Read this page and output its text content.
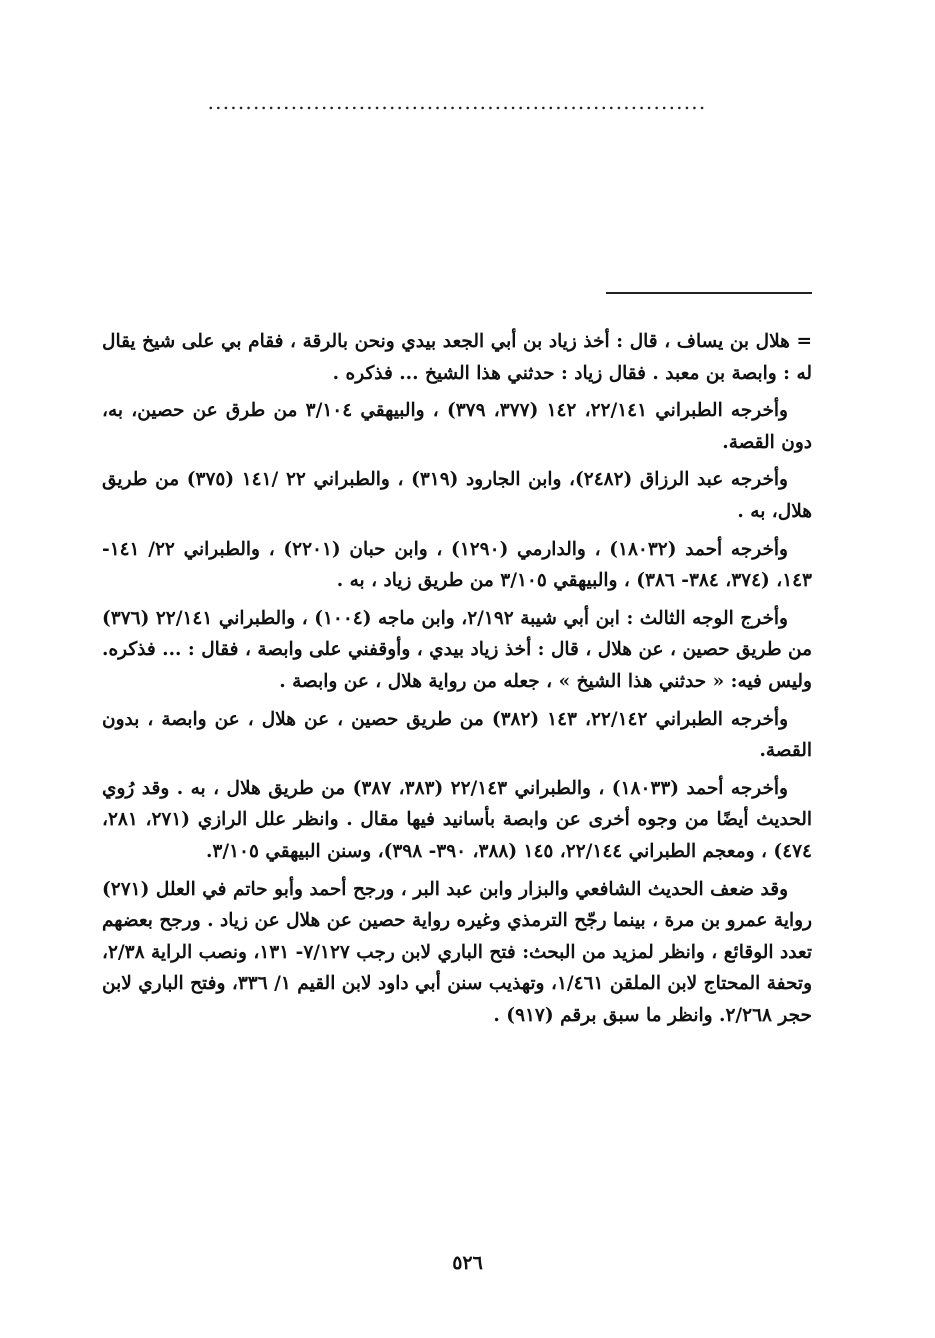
..................................................................

= هلال بن يساف ، قال : أخذ زياد بن أبي الجعد بيدي ونحن بالرقة ، فقام بي على شيخ يقال له : وابصة بن معبد . فقال زياد : حدثني هذا الشيخ ... فذكره .

وأخرجه الطبراني ٢٢/١٤١، ١٤٢ (٣٧٧، ٣٧٩) ، والبيهقي ٣/١٠٤ من طرق عن حصين، به، دون القصة.

وأخرجه عبد الرزاق (٢٤٨٢)، وابن الجارود (٣١٩) ، والطبراني ٢٢ /١٤١ (٣٧٥) من طريق هلال، به .

وأخرجه أحمد (١٨٠٣٢) ، والدارمي (١٢٩٠) ، وابن حبان (٢٢٠١) ، والطبراني ٢٢/ ١٤١- ١٤٣، (٣٧٤، ٣٨٤- ٣٨٦) ، والبيهقي ٣/١٠٥ من طريق زياد ، به .

وأخرج الوجه الثالث : ابن أبي شيبة ٢/١٩٢، وابن ماجه (١٠٠٤) ، والطبراني ٢٢/١٤١ (٣٧٦) من طريق حصين ، عن هلال ، قال : أخذ زياد بيدي ، وأوقفني على وابصة ، فقال : ... فذكره. وليس فيه: « حدثني هذا الشيخ » ، جعله من رواية هلال ، عن وابصة .

وأخرجه الطبراني ٢٢/١٤٢، ١٤٣ (٣٨٢) من طريق حصين ، عن هلال ، عن وابصة ، بدون القصة.

وأخرجه أحمد (١٨٠٣٣) ، والطبراني ٢٢/١٤٣ (٣٨٣، ٣٨٧) من طريق هلال ، به . وقد رُوي الحديث أيضًا من وجوه أخرى عن وابصة بأسانيد فيها مقال . وانظر علل الرازي (٢٧١، ٢٨١، ٤٧٤) ، ومعجم الطبراني ٢٢/١٤٤، ١٤٥ (٣٨٨، ٣٩٠- ٣٩٨)، وسنن البيهقي ٣/١٠٥.

وقد ضعف الحديث الشافعي والبزار وابن عبد البر ، ورجح أحمد وأبو حاتم في العلل (٢٧١) رواية عمرو بن مرة ، بينما رجّح الترمذي وغيره رواية حصين عن هلال عن زياد . ورجح بعضهم تعدد الوقائع ، وانظر لمزيد من البحث: فتح الباري لابن رجب ٧/١٢٧- ١٣١، ونصب الراية ٢/٣٨، وتحفة المحتاج لابن الملقن ١/٤٦١، وتهذيب سنن أبي داود لابن القيم ١/ ٣٣٦، وفتح الباري لابن حجر ٢/٢٦٨. وانظر ما سبق برقم (٩١٧) .

٥٢٦
